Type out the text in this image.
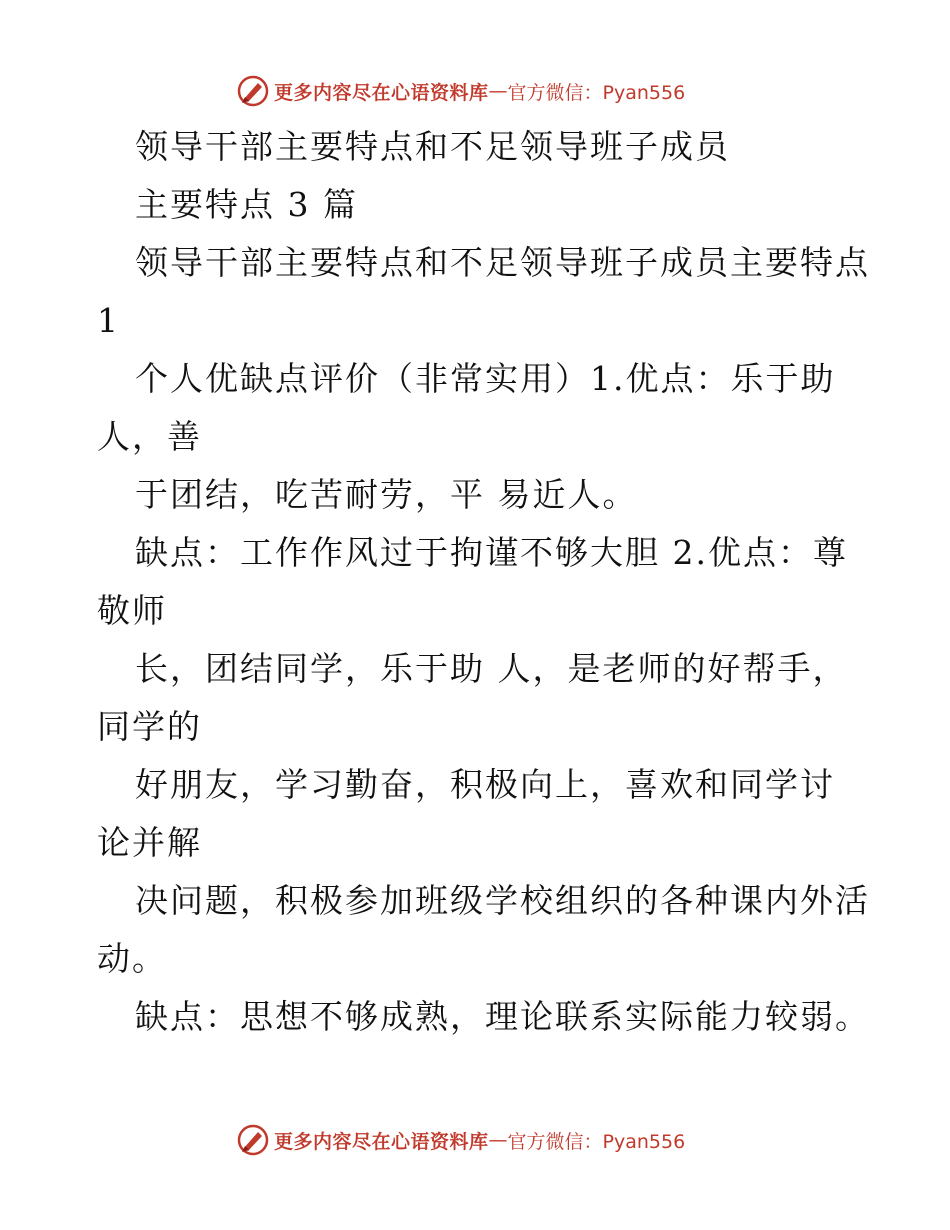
更多内容尽在心语资料库 — 官方微信：Pyan556
领导干部主要特点和不足领导班子成员
主要特点 3 篇
领导干部主要特点和不足领导班子成员主要特点
1
个人优缺点评价（非常实用）1.优点：乐于助
人，善
于团结，吃苦耐劳，平 易近人。
缺点：工作作风过于拘谨不够大胆 2.优点：尊
敬师
长，团结同学，乐于助 人，是老师的好帮手，
同学的
好朋友，学习勤奋，积极向上，喜欢和同学讨
论并解
决问题，积极参加班级学校组织的各种课内外活
动。
缺点：思想不够成熟，理论联系实际能力较弱。
更多内容尽在心语资料库 — 官方微信：Pyan556
